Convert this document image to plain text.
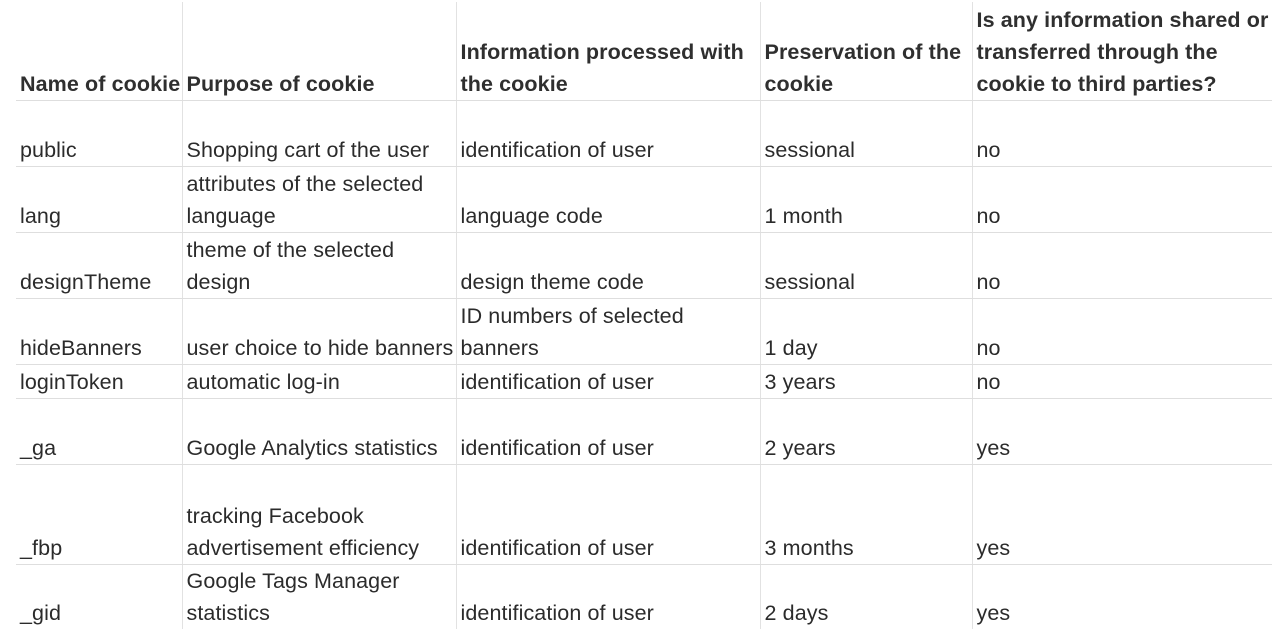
Name of cookie	Purpose of cookie	Information processed with the cookie	Preservation of the cookie	Is any information shared or transferred through the cookie to third parties?

public	Shopping cart of the user	identification of user	sessional	no
lang	attributes of the selected language	language code	1 month	no
designTheme	theme of the selected design	design theme code	sessional	no
hideBanners	user choice to hide banners	ID numbers of selected banners	1 day	no
loginToken	automatic log-in	identification of user	3 years	no
_ga	Google Analytics statistics	identification of user	2 years	yes
_fbp	tracking Facebook advertisement efficiency	identification of user	3 months	yes
_gid	Google Tags Manager statistics	identification of user	2 days	yes
